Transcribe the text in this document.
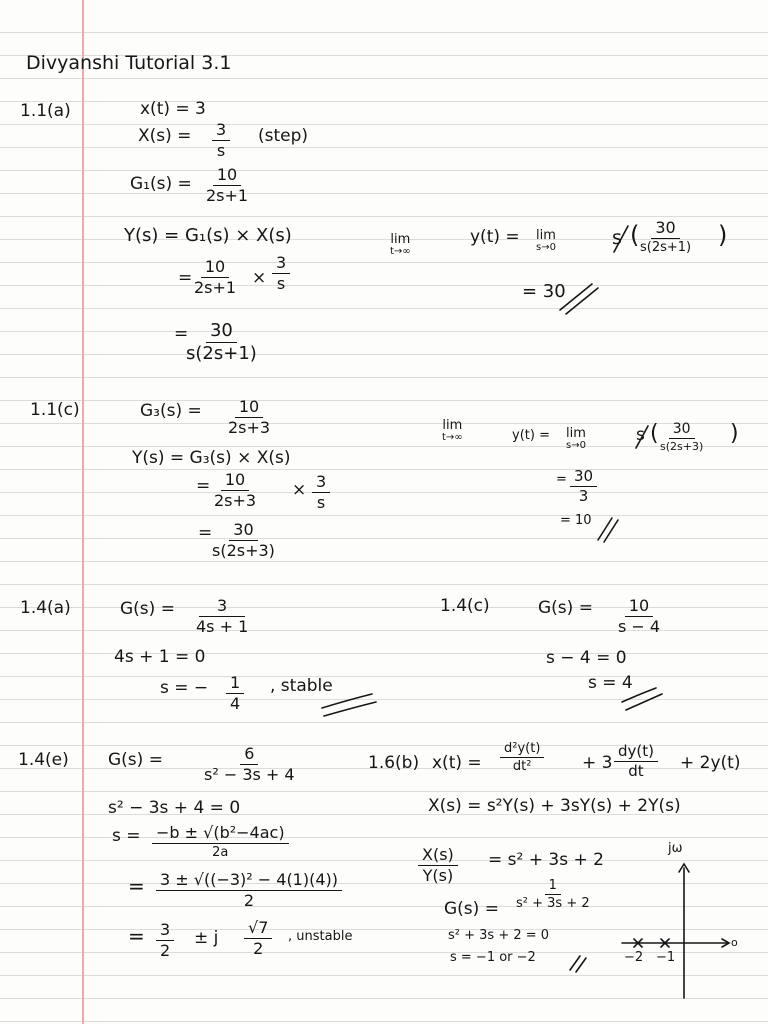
Divyanshi Tutorial 3.1
1.1(a)	x(t) = 3
$X(s) = \frac{3}{s}$ (step)
$G_1(s) = \frac{10}{2s+1}$
Y(s) = G₁(s) × X(s)
= $\frac{10}{2s+1} \times \frac{3}{s}$
=
$\frac{30}{s(2s+1)}$
lim
t→∞
y(t) = lim
s→0	s ( 30
s(2s+1) )
= 30
1.1(c)	$G_3(s) = \frac{10}{2s+3}$
Y(s) = G₃(s) × X(s)
= $\frac{10}{2s+3} \times \frac{3}{s}$
= $\frac{30}{s(2s+3)}$
lim
t→∞	y(t) = lim
s→0
s ( 30
s(2s+3)
)
= $\frac{30}{3}$
= 10
1.4(a)	$G(s) = \frac{3}{4s + 1}$
4s + 1 = 0
s = − $\frac{1}{4}$ , stable
1.4(c)	$G(s) = \frac{10}{s - 4}$
s − 4 = 0
s = 4
1.4(e) G(s) =	$\frac{6}{\text{s² − 3s + 4}}$
s² − 3s + 4 = 0
s = −b ± √(b²−4ac)
2a
= $\frac{\text{3 ± √((−3)² − 4(1)(4))}}{2}$
= $\frac{3}{2} \pm j \frac{√7}{2}$ , unstable
1.6(b) $x(t) = \frac{\text{d²y(t)}}{\text{dt²}} + 3 \frac{dy(t)}{dt} + 2y(t)$
X(s) = s²Y(s) + 3sY(s) + 2Y(s)
$\frac{X(s)}{Y(s)} = s^2 + 3s + 2$
$G(s) = \frac{1}{\text{s² + 3s + 2}}$
s² + 3s + 2 = 0
s = −1 or −2
jω
o
−2 −1
